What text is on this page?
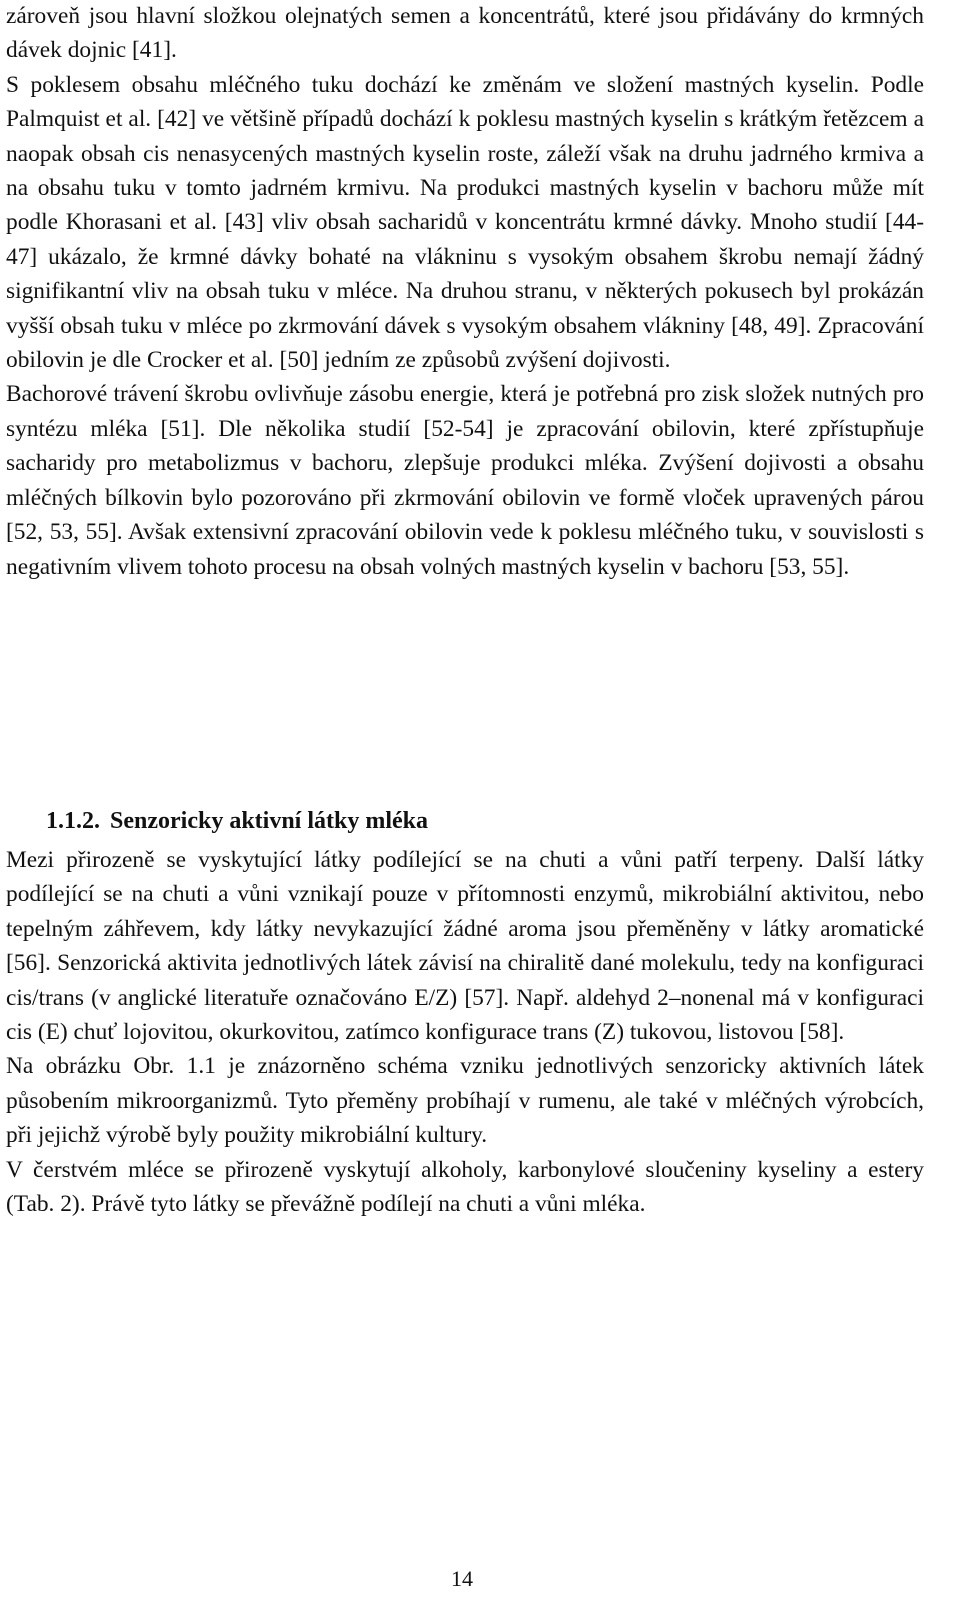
zároveň jsou hlavní složkou olejnatých semen a koncentrátů, které jsou přidávány do krmných dávek dojnic [41].

S poklesem obsahu mléčného tuku dochází ke změnám ve složení mastných kyselin. Podle Palmquist et al. [42] ve většině případů dochází k poklesu mastných kyselin s krátkým řetězcem a naopak obsah cis nenasycených mastných kyselin roste, záleží však na druhu jadrného krmiva a na obsahu tuku v tomto jadrném krmivu. Na produkci mastných kyselin v bachoru může mít podle Khorasani et al. [43] vliv obsah sacharidů v koncentrátu krmné dávky. Mnoho studií [44-47] ukázalo, že krmné dávky bohaté na vlákninu s vysokým obsahem škrobu nemají žádný signifikantní vliv na obsah tuku v mléce. Na druhou stranu, v některých pokusech byl prokázán vyšší obsah tuku v mléce po zkrmování dávek s vysokým obsahem vlákniny [48, 49]. Zpracování obilovin je dle Crocker et al. [50] jedním ze způsobů zvýšení dojivosti.

Bachorové trávení škrobu ovlivňuje zásobu energie, která je potřebná pro zisk složek nutných pro syntézu mléka [51]. Dle několika studií [52-54] je zpracování obilovin, které zpřístupňuje sacharidy pro metabolizmus v bachoru, zlepšuje produkci mléka. Zvýšení dojivosti a obsahu mléčných bílkovin bylo pozorováno při zkrmování obilovin ve formě vloček upravených párou [52, 53, 55]. Avšak extensivní zpracování obilovin vede k poklesu mléčného tuku, v souvislosti s negativním vlivem tohoto procesu na obsah volných mastných kyselin v bachoru [53, 55].

1.1.2. Senzoricky aktivní látky mléka

Mezi přirozeně se vyskytující látky podílející se na chuti a vůni patří terpeny. Další látky podílející se na chuti a vůni vznikají pouze v přítomnosti enzymů, mikrobiální aktivitou, nebo tepelným záhřevem, kdy látky nevykazující žádné aroma jsou přeměněny v látky aromatické [56]. Senzorická aktivita jednotlivých látek závisí na chiralitě dané molekulu, tedy na konfiguraci cis/trans (v anglické literatuře označováno E/Z) [57]. Např. aldehyd 2–nonenal má v konfiguraci cis (E) chuť lojovitou, okurkovitou, zatímco konfigurace trans (Z) tukovou, listovou [58].

Na obrázku Obr. 1.1 je znázorněno schéma vzniku jednotlivých senzoricky aktivních látek působením mikroorganizmů. Tyto přeměny probíhají v rumenu, ale také v mléčných výrobcích, při jejichž výrobě byly použity mikrobiální kultury.

V čerstvém mléce se přirozeně vyskytují alkoholy, karbonylové sloučeniny kyseliny a estery (Tab. 2). Právě tyto látky se převážně podílejí na chuti a vůni mléka.

14
